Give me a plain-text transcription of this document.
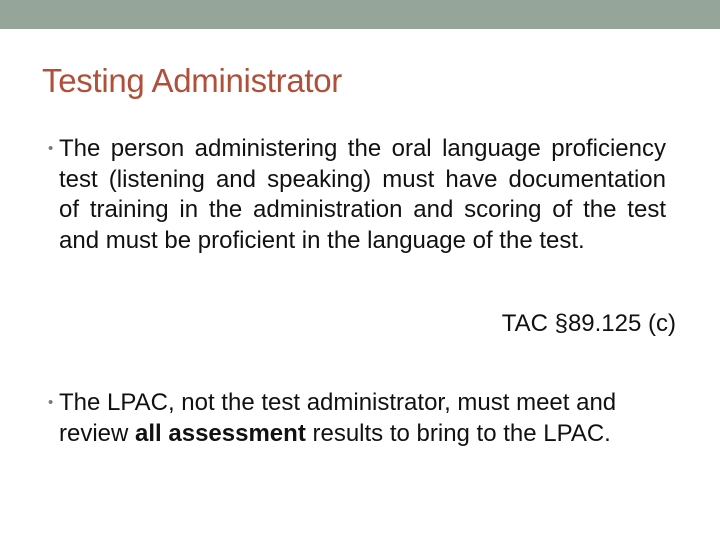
Testing Administrator
• The person administering the oral language proficiency test (listening and speaking) must have documentation of training in the administration and scoring of the test and must be proficient in the language of the test.
TAC §89.125 (c)
• The LPAC, not the test administrator, must meet and review all assessment results to bring to the LPAC.
